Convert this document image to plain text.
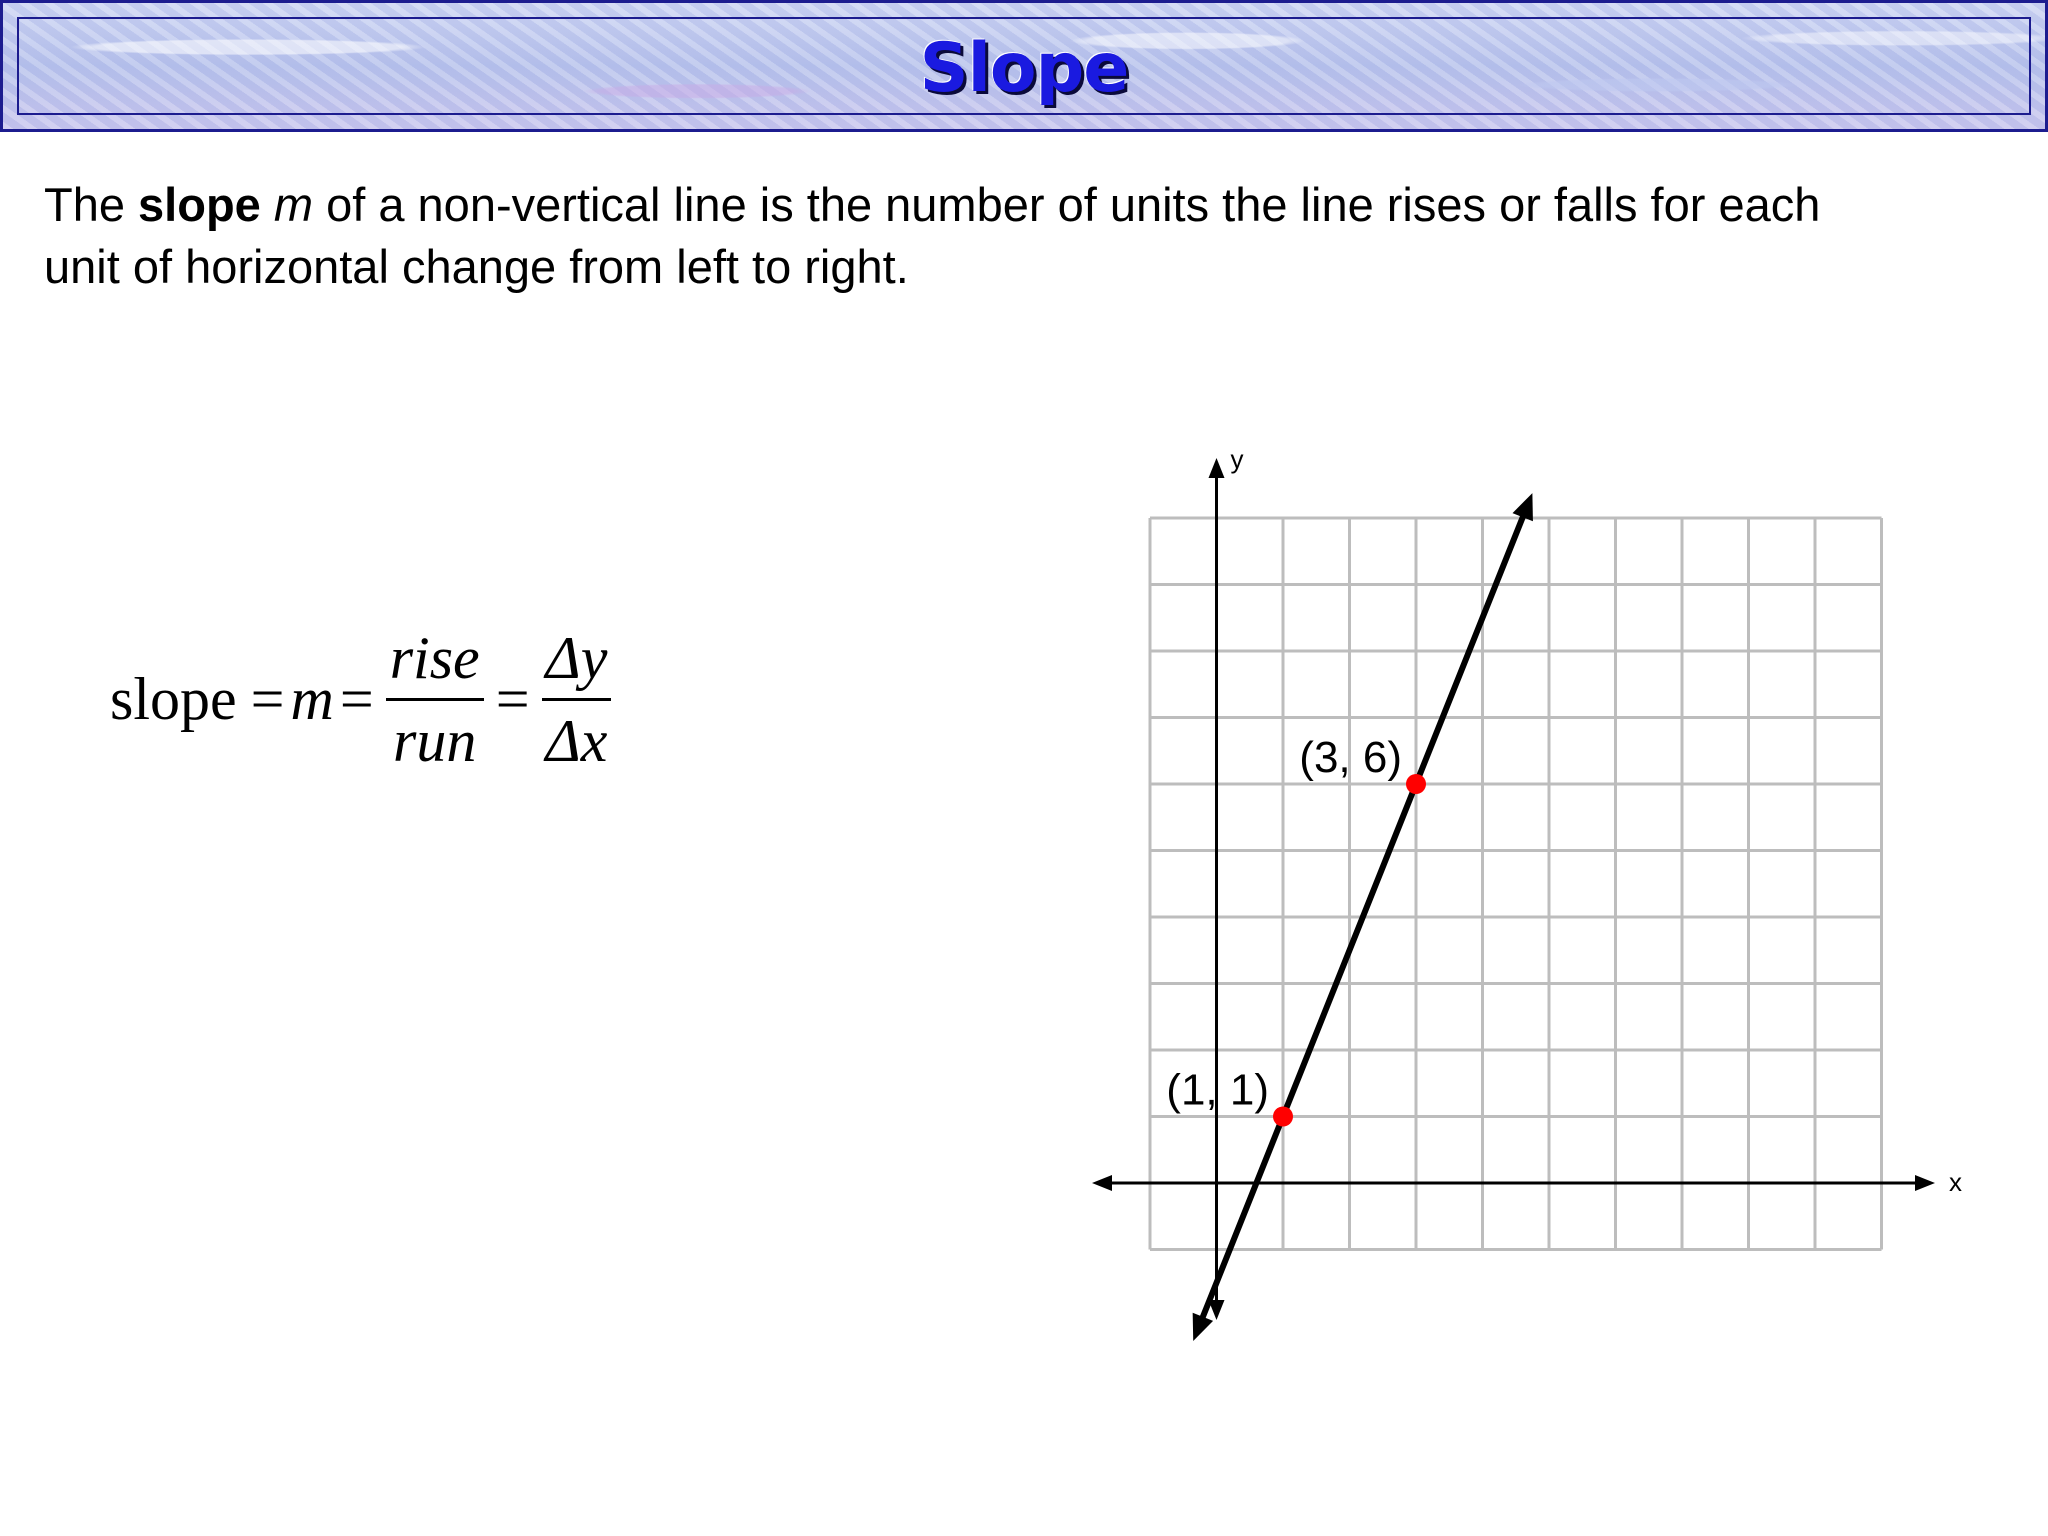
Slope
The slope m of a non-vertical line is the number of units the line rises or falls for each unit of horizontal change from left to right.
slope = $m = \frac{\text{rise}}{\text{run}} = \frac{\Delta y}{\Delta x}$
(1, 1)
(3, 6)
x
y
